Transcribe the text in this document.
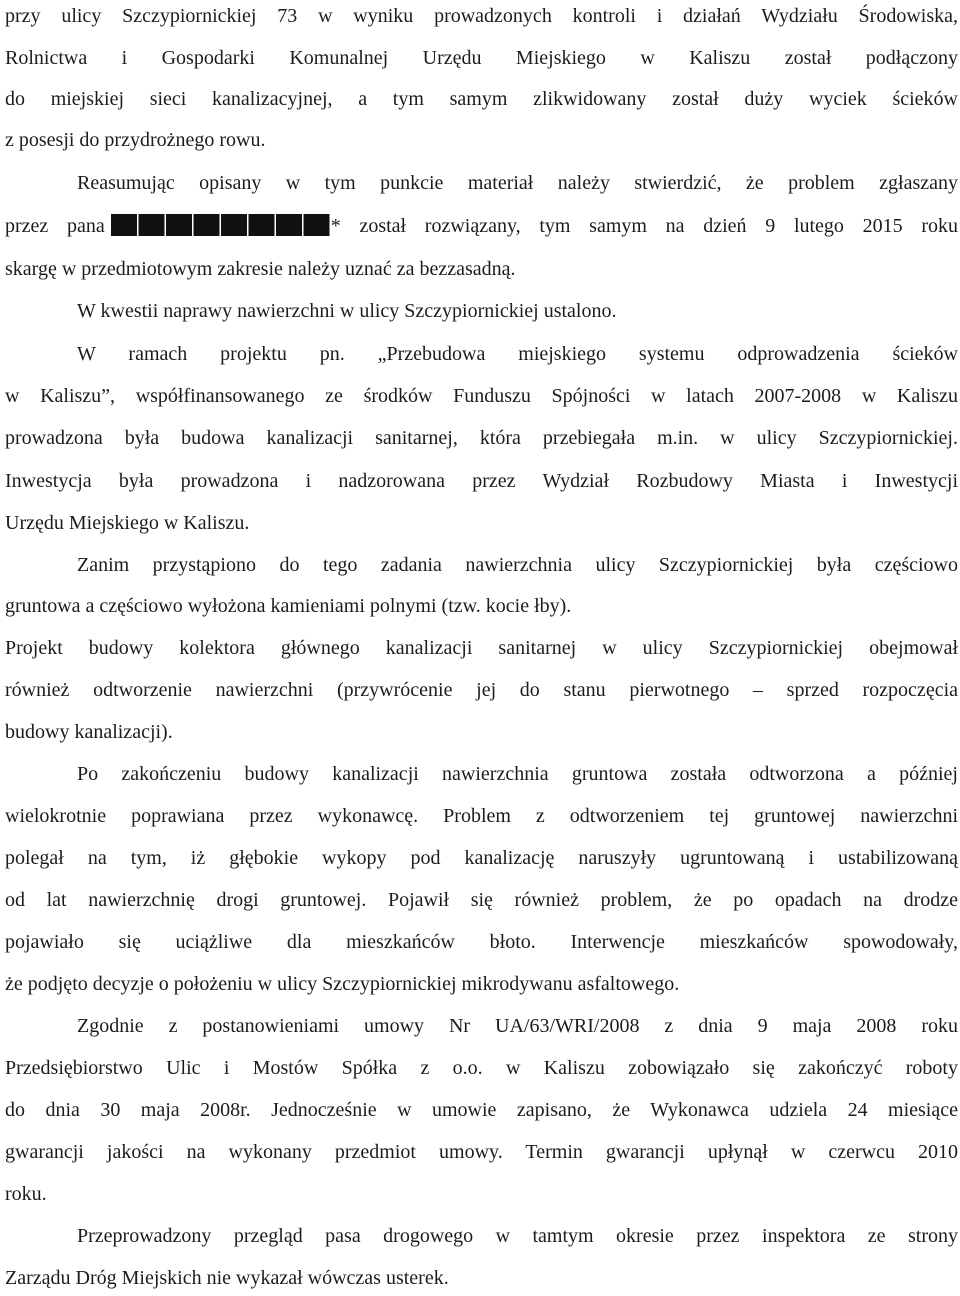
przy ulicy Szczypiornickiej 73 w wyniku prowadzonych kontroli i działań Wydziału Środowiska,
Rolnictwa i Gospodarki Komunalnej Urzędu Miejskiego w Kaliszu został podłączony
do miejskiej sieci kanalizacyjnej, a tym samym zlikwidowany został duży wyciek ścieków
z posesji do przydrożnego rowu.
Reasumując opisany w tym punkcie materiał należy stwierdzić, że problem zgłaszany
przez pana	* został rozwiązany, tym samym na dzień 9 lutego 2015 roku
skargę w przedmiotowym zakresie należy uznać za bezzasadną.
W kwestii naprawy nawierzchni w ulicy Szczypiornickiej ustalono.
W ramach projektu pn. „Przebudowa miejskiego systemu odprowadzenia ścieków
w Kaliszu”, współfinansowanego ze środków Funduszu Spójności w latach 2007-2008 w Kaliszu
prowadzona była budowa kanalizacji sanitarnej, która przebiegała m.in. w ulicy Szczypiornickiej.
Inwestycja była prowadzona i nadzorowana przez Wydział Rozbudowy Miasta i Inwestycji
Urzędu Miejskiego w Kaliszu.
Zanim przystąpiono do tego zadania nawierzchnia ulicy Szczypiornickiej była częściowo
gruntowa a częściowo wyłożona kamieniami polnymi (tzw. kocie łby).
Projekt budowy kolektora głównego kanalizacji sanitarnej w ulicy Szczypiornickiej obejmował
również odtworzenie nawierzchni (przywrócenie jej do stanu pierwotnego – sprzed rozpoczęcia
budowy kanalizacji).
Po zakończeniu budowy kanalizacji nawierzchnia gruntowa została odtworzona a później
wielokrotnie poprawiana przez wykonawcę. Problem z odtworzeniem tej gruntowej nawierzchni
polegał na tym, iż głębokie wykopy pod kanalizację naruszyły ugruntowaną i ustabilizowaną
od lat nawierzchnię drogi gruntowej. Pojawił się również problem, że po opadach na drodze
pojawiało się uciążliwe dla mieszkańców błoto. Interwencje mieszkańców spowodowały,
że podjęto decyzje o położeniu w ulicy Szczypiornickiej mikrodywanu asfaltowego.
Zgodnie z postanowieniami umowy Nr UA/63/WRI/2008 z dnia 9 maja 2008 roku
Przedsiębiorstwo Ulic i Mostów Spółka z o.o. w Kaliszu zobowiązało się zakończyć roboty
do dnia 30 maja 2008r. Jednocześnie w umowie zapisano, że Wykonawca udziela 24 miesiące
gwarancji jakości na wykonany przedmiot umowy. Termin gwarancji upłynął w czerwcu 2010
roku.
Przeprowadzony przegląd pasa drogowego w tamtym okresie przez inspektora ze strony
Zarządu Dróg Miejskich nie wykazał wówczas usterek.
